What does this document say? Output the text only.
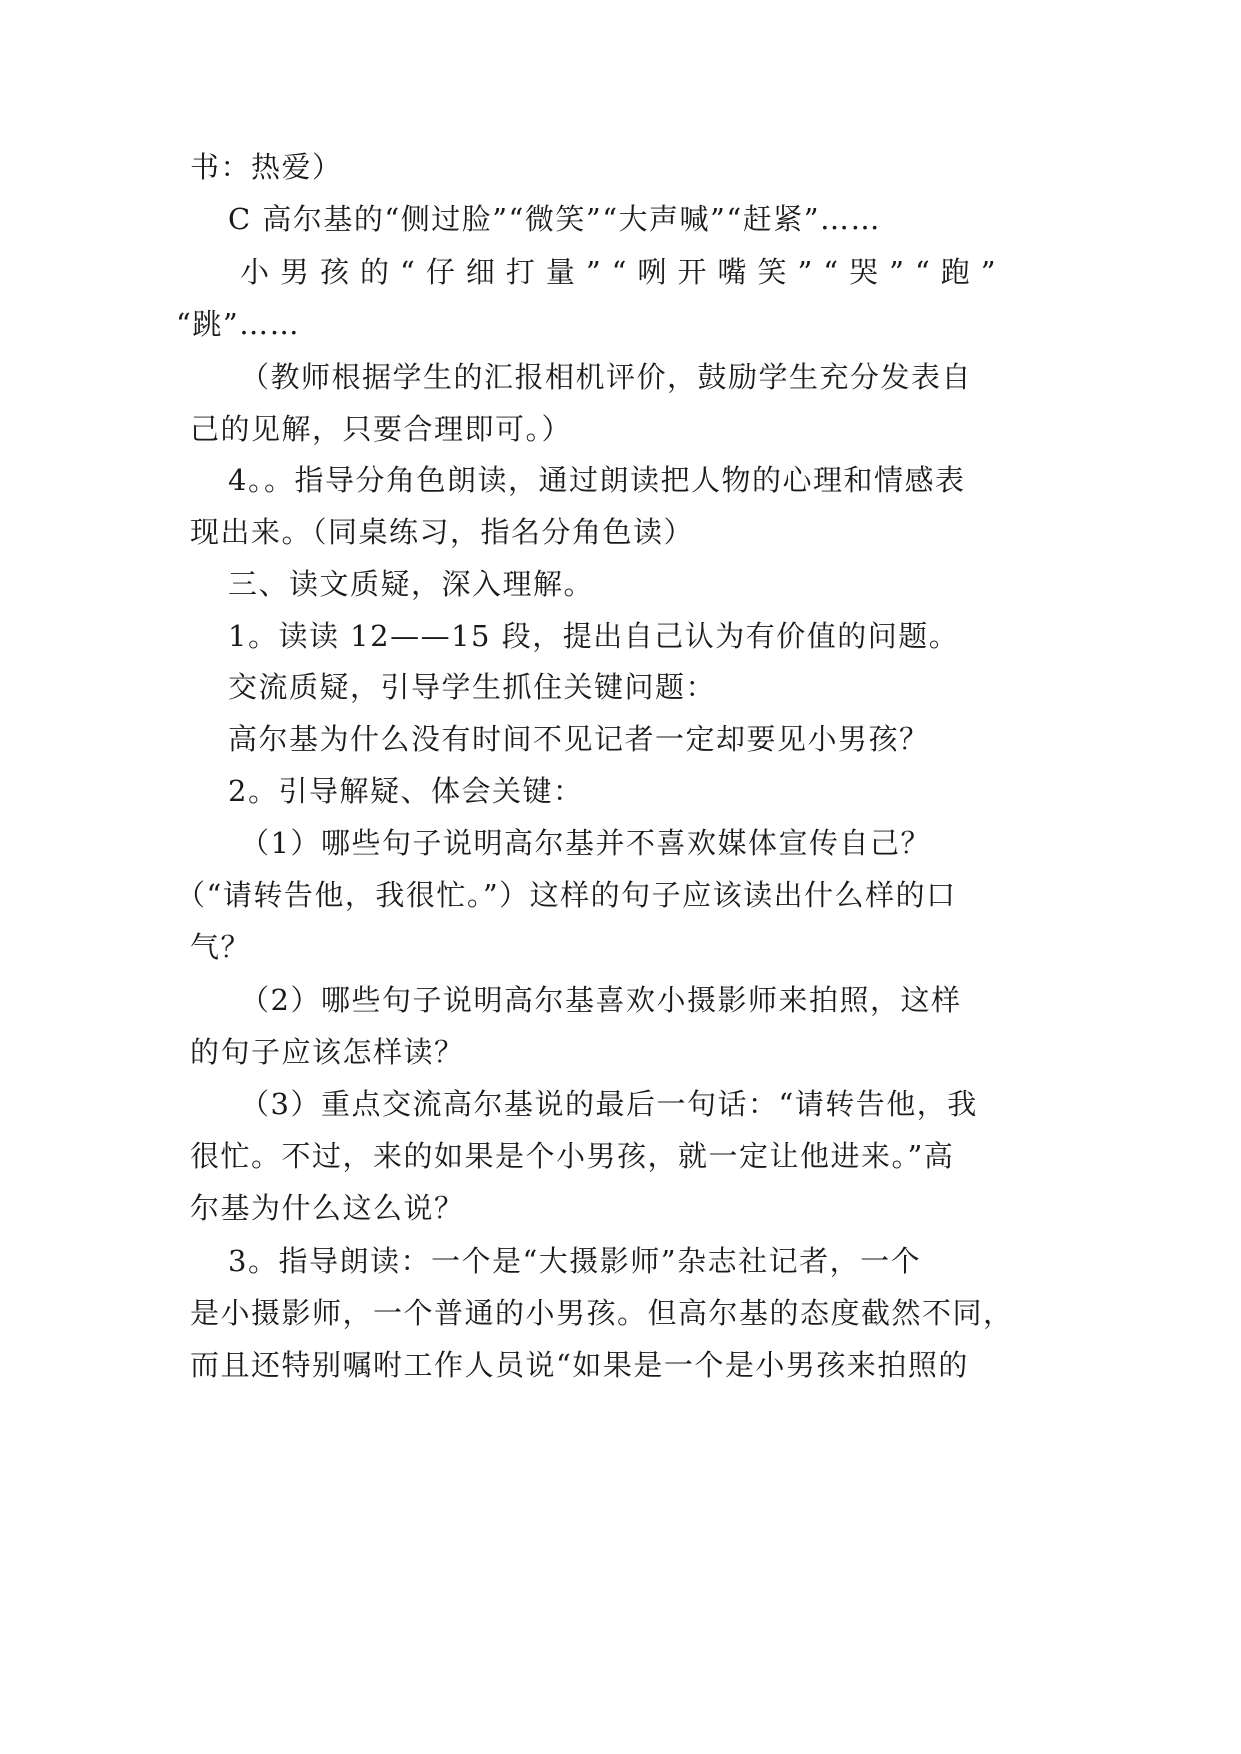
书：热爱）
C 高尔基的“侧过脸”“微笑”“大声喊”“赶紧”……
小男孩的“仔细打量”“咧开嘴笑”“哭”“跑”
“跳”……
（教师根据学生的汇报相机评价，鼓励学生充分发表自
己的见解，只要合理即可。）
4。。指导分角色朗读，通过朗读把人物的心理和情感表
现出来。（同桌练习，指名分角色读）
三、读文质疑，深入理解。
1。读读 12——15 段，提出自己认为有价值的问题。
交流质疑，引导学生抓住关键问题：
高尔基为什么没有时间不见记者一定却要见小男孩？
2。引导解疑、体会关键：
（1）哪些句子说明高尔基并不喜欢媒体宣传自己？
（“请转告他，我很忙。”）这样的句子应该读出什么样的口
气？
（2）哪些句子说明高尔基喜欢小摄影师来拍照，这样
的句子应该怎样读？
（3）重点交流高尔基说的最后一句话：“请转告他，我
很忙。不过，来的如果是个小男孩，就一定让他进来。”高
尔基为什么这么说？
3。指导朗读：一个是“大摄影师”杂志社记者，一个
是小摄影师，一个普通的小男孩。但高尔基的态度截然不同，
而且还特别嘱咐工作人员说“如果是一个是小男孩来拍照的
